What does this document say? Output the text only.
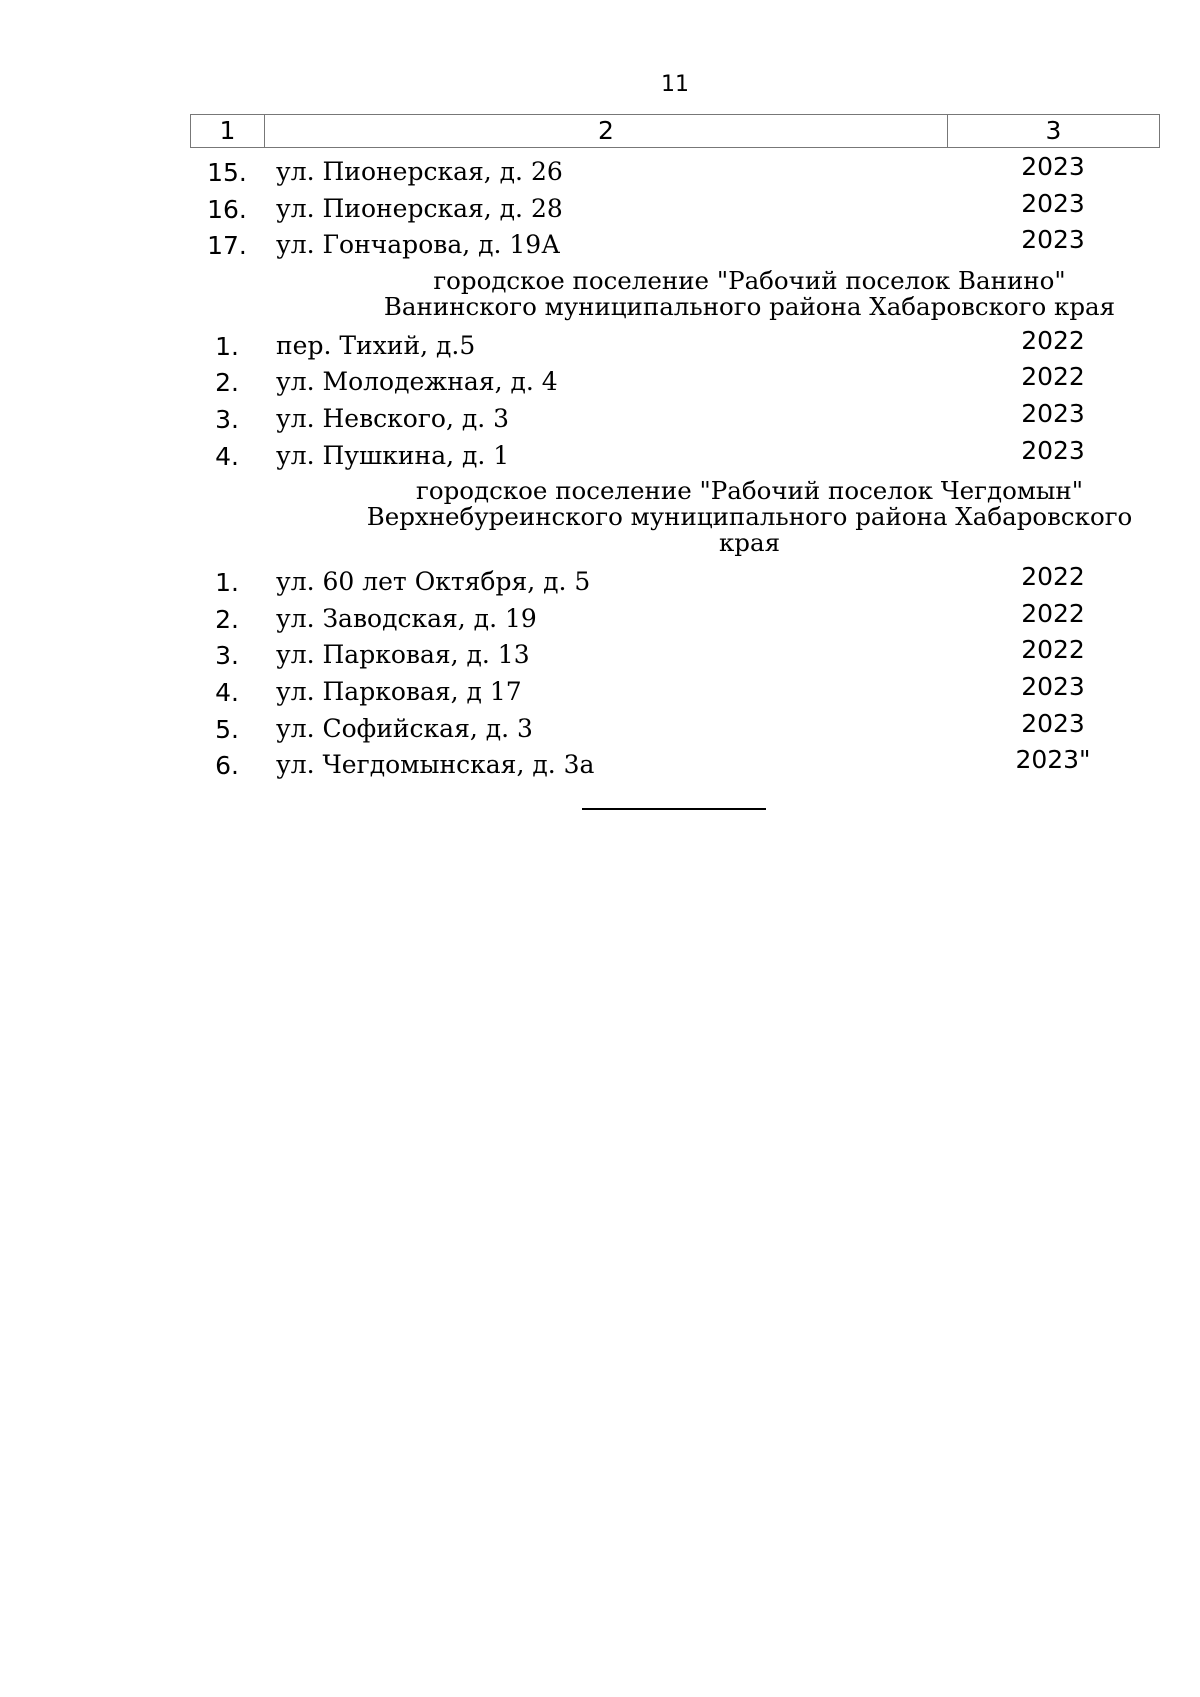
11
1	2	3
15.	ул. Пионерская, д. 26	2023
16.	ул. Пионерская, д. 28	2023
17.	ул. Гончарова, д. 19А	2023
городское поселение "Рабочий поселок Ванино"
Ванинского муниципального района Хабаровского края
1.	пер. Тихий, д.5	2022
2.	ул. Молодежная, д. 4	2022
3.	ул. Невского, д. 3	2023
4.	ул. Пушкина, д. 1	2023
городское поселение "Рабочий поселок Чегдомын"
Верхнебуреинского муниципального района Хабаровского края
1.	ул. 60 лет Октября, д. 5	2022
2.	ул. Заводская, д. 19	2022
3.	ул. Парковая, д. 13	2022
4.	ул. Парковая, д 17	2023
5.	ул. Софийская, д. 3	2023
6.	ул. Чегдомынская, д. 3а	2023"
